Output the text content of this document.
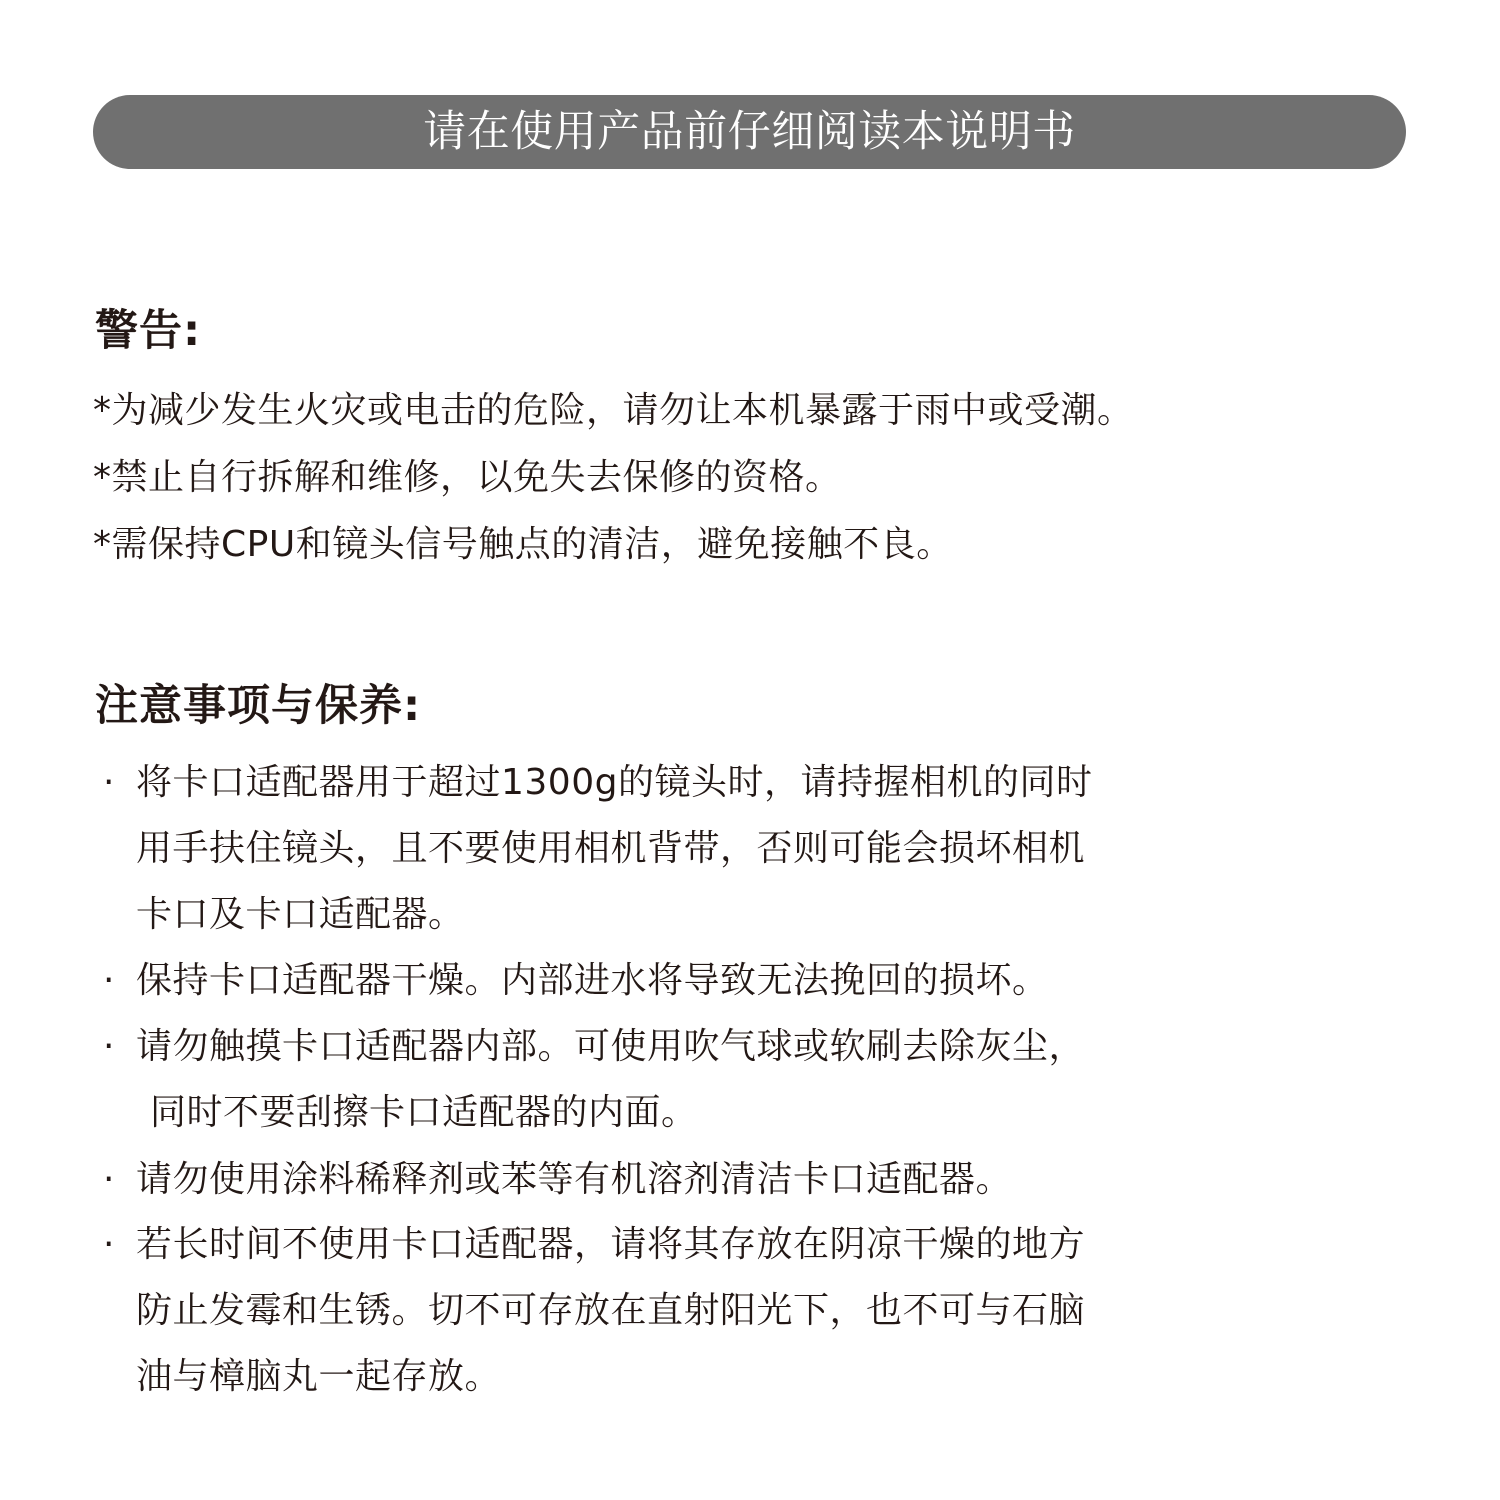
请在使用产品前仔细阅读本说明书
警告:
*为减少发生火灾或电击的危险，请勿让本机暴露于雨中或受潮。
*禁止自行拆解和维修，以免失去保修的资格。
*需保持CPU和镜头信号触点的清洁，避免接触不良。
注意事项与保养:
· 将卡口适配器用于超过1300g的镜头时，请持握相机的同时
用手扶住镜头，且不要使用相机背带，否则可能会损坏相机
卡口及卡口适配器。
· 保持卡口适配器干燥。内部进水将导致无法挽回的损坏。
· 请勿触摸卡口适配器内部。可使用吹气球或软刷去除灰尘，
同时不要刮擦卡口适配器的内面。
· 请勿使用涂料稀释剂或苯等有机溶剂清洁卡口适配器。
· 若长时间不使用卡口适配器，请将其存放在阴凉干燥的地方
防止发霉和生锈。切不可存放在直射阳光下，也不可与石脑
油与樟脑丸一起存放。
